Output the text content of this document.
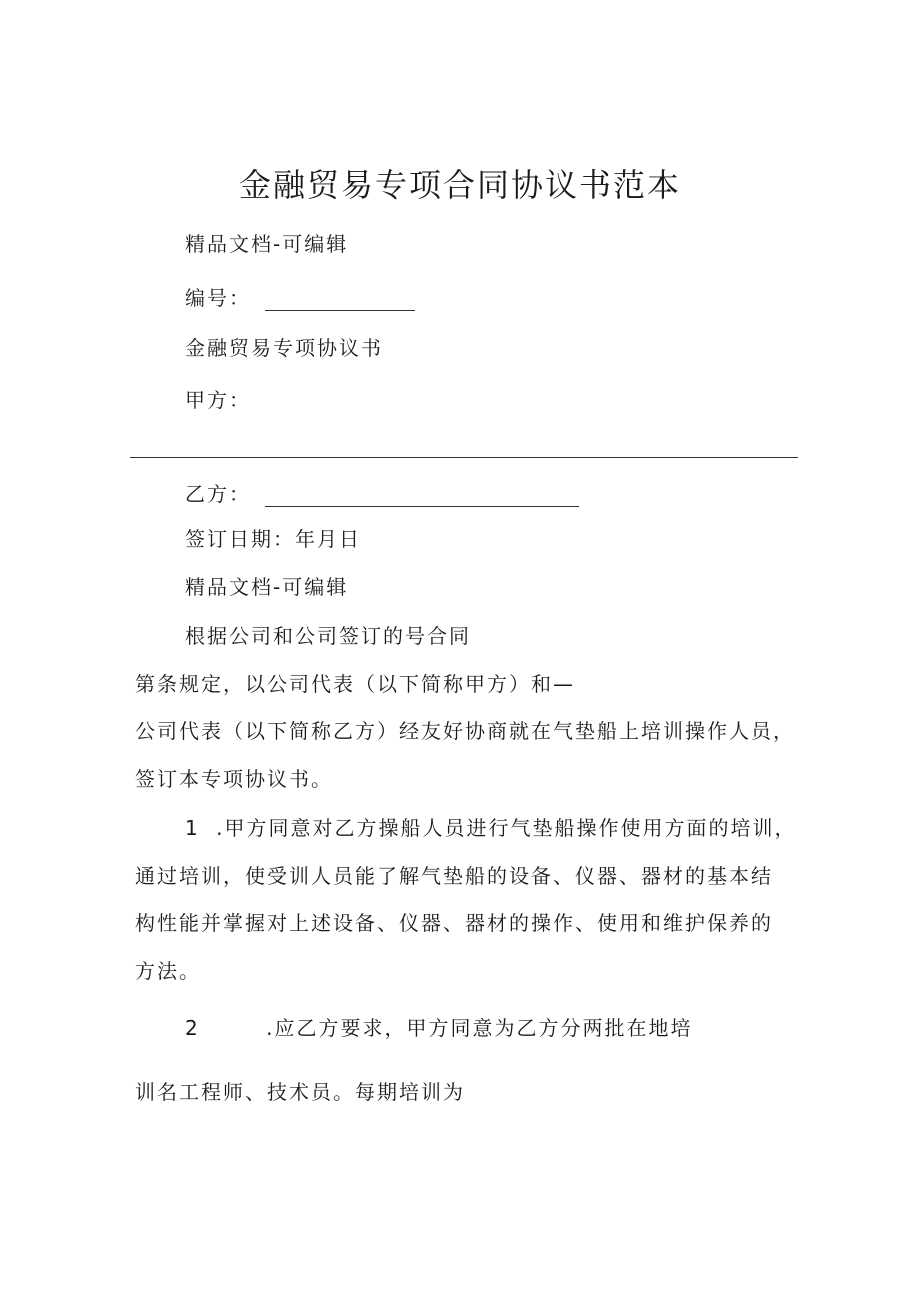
金融贸易专项合同协议书范本
精品文档-可编辑
编号：
金融贸易专项协议书
甲方：
乙方：
签订日期：年月日
精品文档-可编辑
根据公司和公司签订的号合同
第条规定，以公司代表（以下简称甲方）和—
公司代表（以下简称乙方）经友好协商就在气垫船上培训操作人员，
签订本专项协议书。
1 .甲方同意对乙方操船人员进行气垫船操作使用方面的培训，
通过培训，使受训人员能了解气垫船的设备、仪器、器材的基本结
构性能并掌握对上述设备、仪器、器材的操作、使用和维护保养的
方法。
2	.应乙方要求，甲方同意为乙方分两批在地培
训名工程师、技术员。每期培训为
